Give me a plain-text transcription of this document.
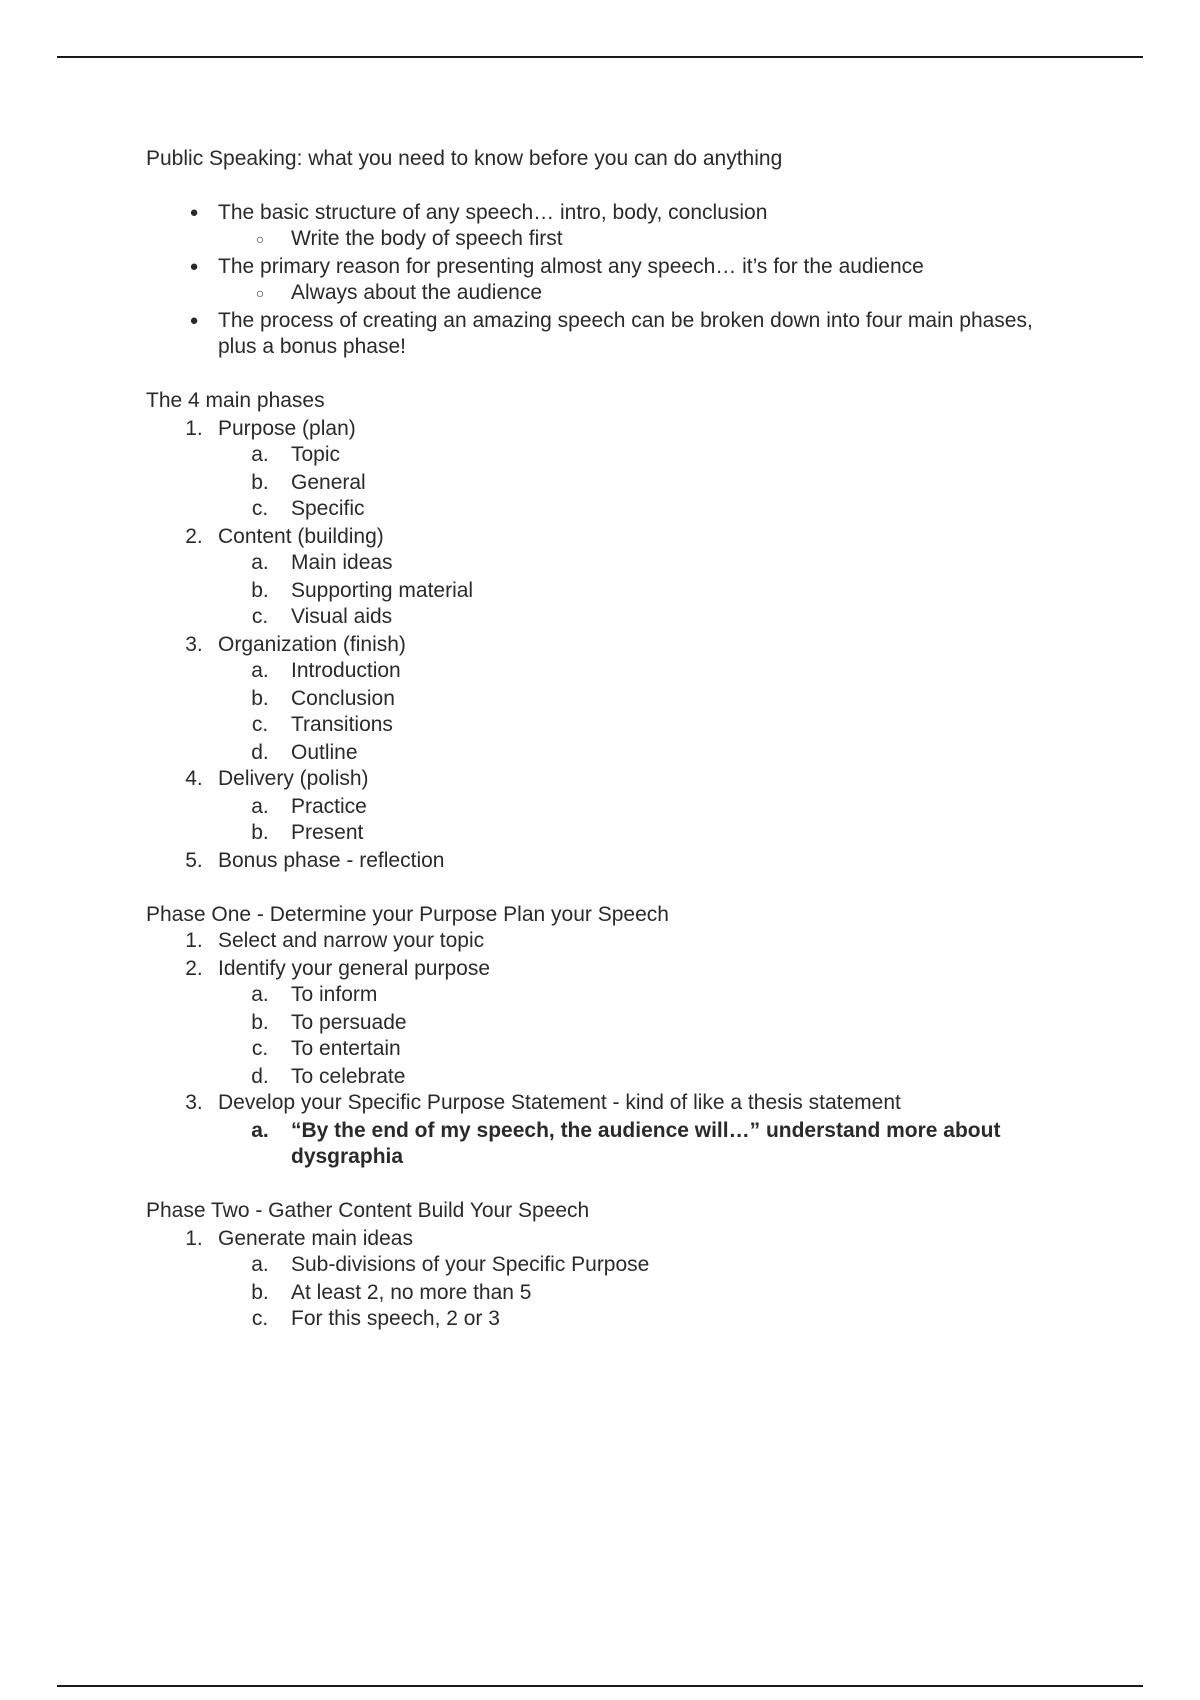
Public Speaking: what you need to know before you can do anything
● The basic structure of any speech… intro, body, conclusion
○	Write the body of speech first
● The primary reason for presenting almost any speech… it’s for the audience
○	Always about the audience
● The process of creating an amazing speech can be broken down into four main phases,
plus a bonus phase!
The 4 main phases
1. Purpose (plan)
a. Topic
b. General
c.	Specific
2. Content (building)
a. Main ideas
b. Supporting material
c.	Visual aids
3. Organization (finish)
a. Introduction
b. Conclusion
c.	Transitions
d. Outline
4. Delivery (polish)
a. Practice
b. Present
5. Bonus phase - reflection
Phase One - Determine your Purpose Plan your Speech
1. Select and narrow your topic
2. Identify your general purpose
a. To inform
b. To persuade
c.	To entertain
d. To celebrate
3. Develop your Specific Purpose Statement - kind of like a thesis statement
a. “By the end of my speech, the audience will…” understand more about
dysgraphia
Phase Two - Gather Content Build Your Speech
1. Generate main ideas
a. Sub-divisions of your Specific Purpose
b. At least 2, no more than 5
c.	For this speech, 2 or 3
